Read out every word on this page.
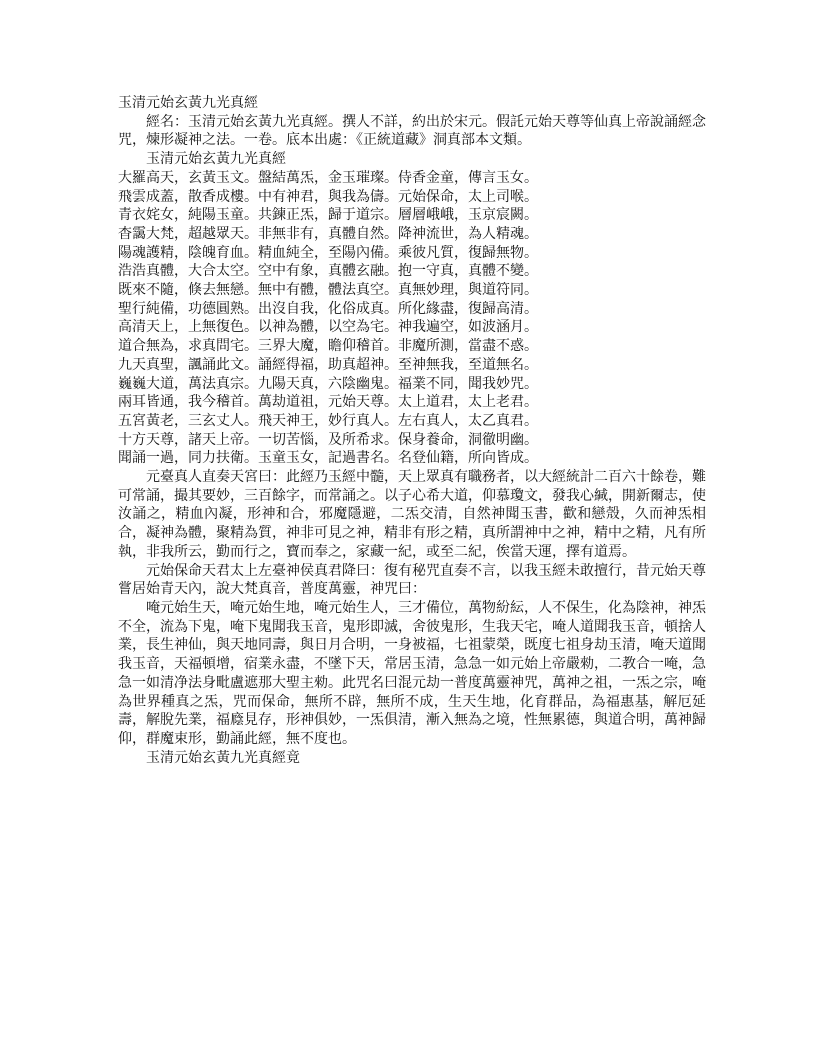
玉清元始玄黃九光真經

經名：玉清元始玄黃九光真經。撰人不詳，約出於宋元。假託元始天尊等仙真上帝說誦經念咒，煉形凝神之法。一卷。底本出處：《正統道藏》洞真部本文類。

玉清元始玄黃九光真經

大羅高天，玄黃玉文。盤結萬炁，金玉璀璨。侍香金童，傳言玉女。

飛雲成蓋，散香成樓。中有神君，與我為儔。元始保命，太上司喉。

青衣姹女，純陽玉童。共鍊正炁，歸于道宗。層層峨峨，玉京宸闕。

杳靄大梵，超越眾天。非無非有，真體自然。降神流世，為人精魂。

陽魂護精，陰魄育血。精血純全，至陽內備。乘彼凡質，復歸無物。

浩浩真體，大合太空。空中有象，真體玄融。抱一守真，真體不變。

既來不隨，倏去無戀。無中有體，體法真空。真無妙理，與道符同。

聖行純備，功德圓熟。出沒自我，化俗成真。所化緣盡，復歸高清。

高清天上，上無復色。以神為體，以空為宅。神我遍空，如波涵月。

道合無為，求真問宅。三界大魔，瞻仰稽首。非魔所測，當盡不惑。

九天真聖，諷誦此文。誦經得福，助真超神。至神無我，至道無名。

巍巍大道，萬法真宗。九陽天真，六陰幽鬼。福業不同，聞我妙咒。

兩耳皆通，我今稽首。萬劫道祖，元始天尊。太上道君，太上老君。

五宮黃老，三玄丈人。飛天神王，妙行真人。左右真人，太乙真君。

十方天尊，諸天上帝。一切苦惱，及所希求。保身養命，洞徹明幽。

聞誦一過，同力扶衛。玉童玉女，記過書名。名登仙籍，所向皆成。

元臺真人直奏天宮曰：此經乃玉經中髓，天上眾真有職務者，以大經統計二百六十餘卷，難可常誦，撮其要妙，三百餘字，而常誦之。以子心希大道，仰慕瓊文，發我心緘，開新爾志，使汝誦之，精血內凝，形神和合，邪魔隱避，二炁交清，自然神聞玉書，歡和戀殼，久而神炁相合，凝神為體，聚精為質，神非可見之神，精非有形之精，真所謂神中之神，精中之精，凡有所執，非我所云，勤而行之，寶而奉之，家藏一紀，或至二紀，俟當天運，擇有道焉。

元始保命天君太上左臺神侯真君降曰：復有秘咒直奏不言，以我玉經未敢擅行，昔元始天尊嘗居始青天內，說大梵真音，普度萬靈，神咒曰：

唵元始生天，唵元始生地，唵元始生人，三才備位，萬物紛紜，人不保生，化為陰神，神炁不全，流為下鬼，唵下鬼聞我玉音，鬼形即滅，舍彼鬼形，生我天宅，唵人道聞我玉音，頓捨人業，長生神仙，與天地同壽，與日月合明，一身被福，七祖蒙榮，既度七祖身劫玉清，唵天道聞我玉音，天福頓增，宿業永盡，不墜下天，常居玉清，急急一如元始上帝嚴勑，二教合一唵，急急一如清净法身毗盧遮那大聖主勑。此咒名曰混元劫一普度萬靈神咒，萬神之祖，一炁之宗，唵為世界種真之炁，咒而保命，無所不辟，無所不成，生天生地，化育群品，為福惠基，解厄延壽，解脫先業，福廕見存，形神俱妙，一炁俱清，漸入無為之境，性無累德，與道合明，萬神歸仰，群魔束形，勤誦此經，無不度也。

玉清元始玄黃九光真經竟
